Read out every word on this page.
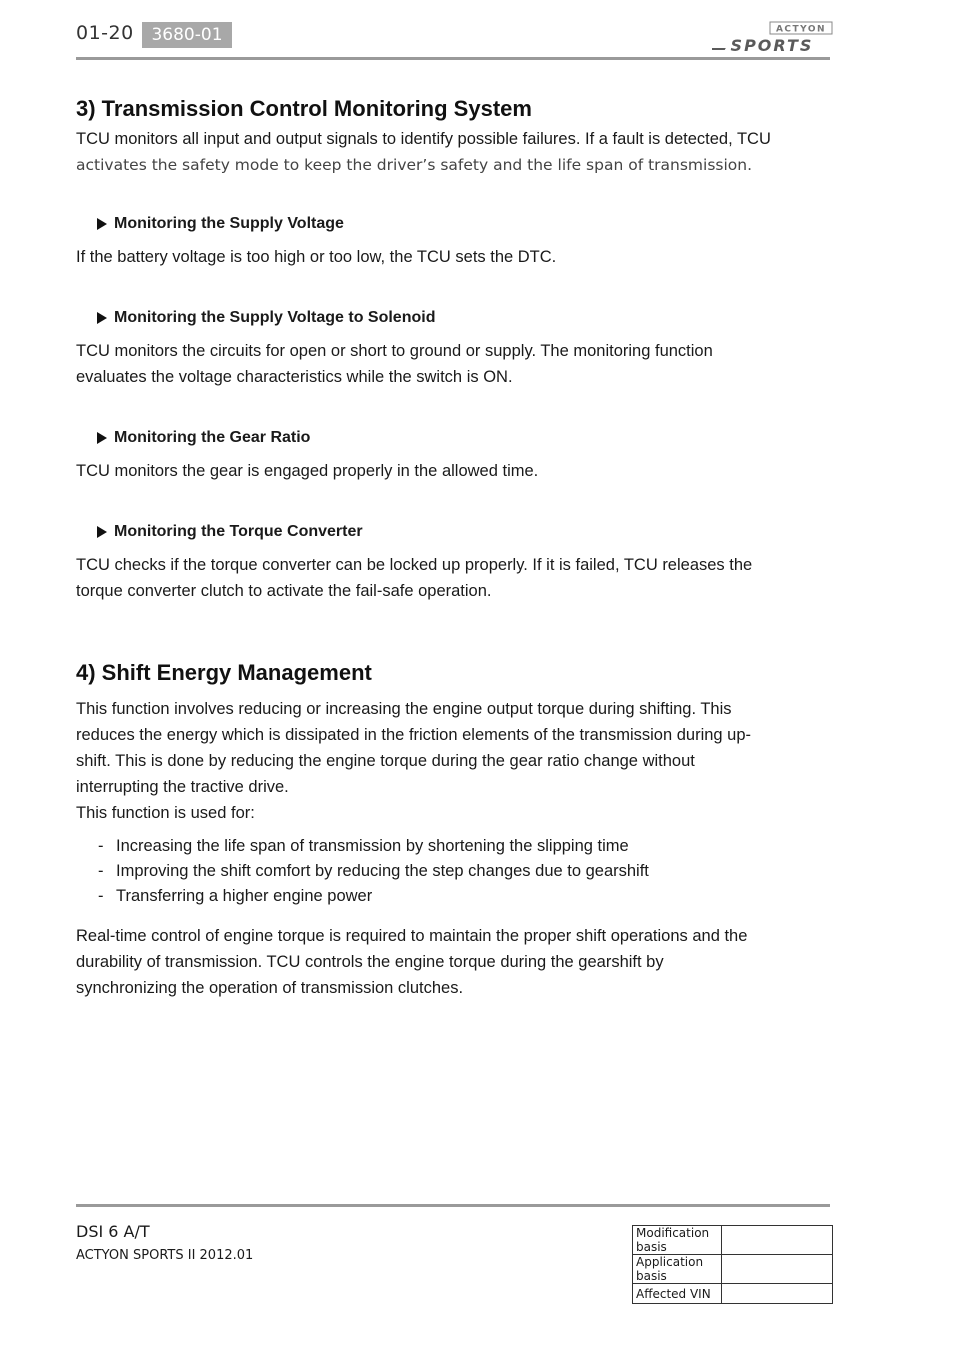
01-20	3680-01	ACTYON
SPORTS
3) Transmission Control Monitoring System

TCU monitors all input and output signals to identify possible failures. If a fault is detected, TCU

activates the safety mode to keep the driver’s safety and the life span of transmission.

Monitoring the Supply Voltage

If the battery voltage is too high or too low, the TCU sets the DTC.

Monitoring the Supply Voltage to Solenoid

TCU monitors the circuits for open or short to ground or supply. The monitoring function evaluates the voltage characteristics while the switch is ON.

Monitoring the Gear Ratio

TCU monitors the gear is engaged properly in the allowed time.

Monitoring the Torque Converter

TCU checks if the torque converter can be locked up properly. If it is failed, TCU releases the torque converter clutch to activate the fail-safe operation.

4) Shift Energy Management

This function involves reducing or increasing the engine output torque during shifting. This reduces the energy which is dissipated in the friction elements of the transmission during up-shift. This is done by reducing the engine torque during the gear ratio change without interrupting the tractive drive.

This function is used for:

- Increasing the life span of transmission by shortening the slipping time
- Improving the shift comfort by reducing the step changes due to gearshift
- Transferring a higher engine power

Real-time control of engine torque is required to maintain the proper shift operations and the durability of transmission. TCU controls the engine torque during the gearshift by synchronizing the operation of transmission clutches.

DSI 6 A/T
ACTYON SPORTS II 2012.01
Modification basis	
Application basis	
Affected VIN	
